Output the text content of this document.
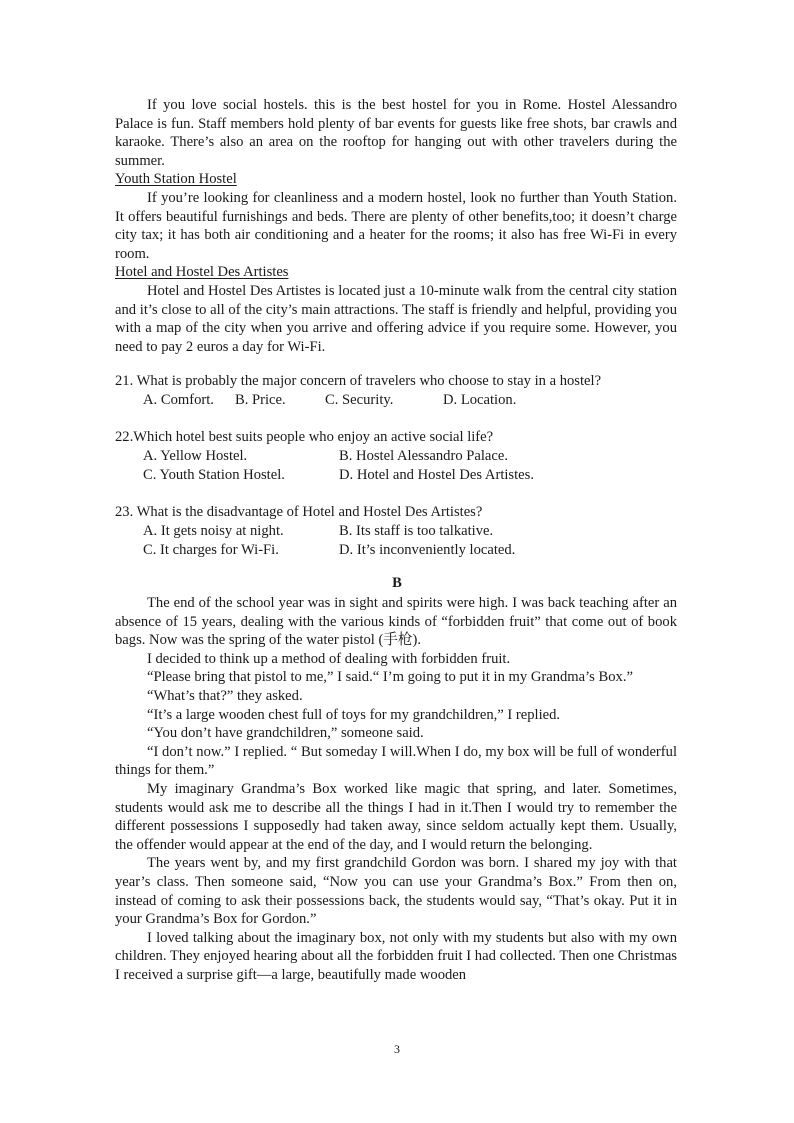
If you love social hostels. this is the best hostel for you in Rome. Hostel Alessandro Palace is fun. Staff members hold plenty of bar events for guests like free shots, bar crawls and karaoke. There’s also an area on the rooftop for hanging out with other travelers during the summer.

Youth Station Hostel

If you’re looking for cleanliness and a modern hostel, look no further than Youth Station. It offers beautiful furnishings and beds. There are plenty of other benefits,too; it doesn’t charge city tax; it has both air conditioning and a heater for the rooms; it also has free Wi-Fi in every room.

Hotel and Hostel Des Artistes

Hotel and Hostel Des Artistes is located just a 10-minute walk from the central city station and it’s close to all of the city’s main attractions. The staff is friendly and helpful, providing you with a map of the city when you arrive and offering advice if you require some. However, you need to pay 2 euros a day for Wi-Fi.

21. What is probably the major concern of travelers who choose to stay in a hostel?

A. Comfort.	B. Price.	C. Security.	D. Location.

22.Which hotel best suits people who enjoy an active social life?

A. Yellow Hostel.	B. Hostel Alessandro Palace.
C. Youth Station Hostel.	D. Hotel and Hostel Des Artistes.

23. What is the disadvantage of Hotel and Hostel Des Artistes?

A. It gets noisy at night.	B. Its staff is too talkative.
C. It charges for Wi-Fi.	D. It’s inconveniently located.
B

The end of the school year was in sight and spirits were high. I was back teaching after an absence of 15 years, dealing with the various kinds of “forbidden fruit” that come out of book bags. Now was the spring of the water pistol (手枪).

I decided to think up a method of dealing with forbidden fruit.

“Please bring that pistol to me,” I said.“ I’m going to put it in my Grandma’s Box.”

“What’s that?” they asked.

“It’s a large wooden chest full of toys for my grandchildren,” I replied.

“You don’t have grandchildren,” someone said.

“I don’t now.” I replied. “ But someday I will.When I do, my box will be full of wonderful things for them.”

My imaginary Grandma’s Box worked like magic that spring, and later. Sometimes, students would ask me to describe all the things I had in it.Then I would try to remember the different possessions I supposedly had taken away, since seldom actually kept them. Usually, the offender would appear at the end of the day, and I would return the belonging.

The years went by, and my first grandchild Gordon was born. I shared my joy with that year’s class. Then someone said, “Now you can use your Grandma’s Box.” From then on, instead of coming to ask their possessions back, the students would say, “That’s okay. Put it in your Grandma’s Box for Gordon.”

I loved talking about the imaginary box, not only with my students but also with my own children. They enjoyed hearing about all the forbidden fruit I had collected. Then one Christmas I received a surprise gift—a large, beautifully made wooden

3
